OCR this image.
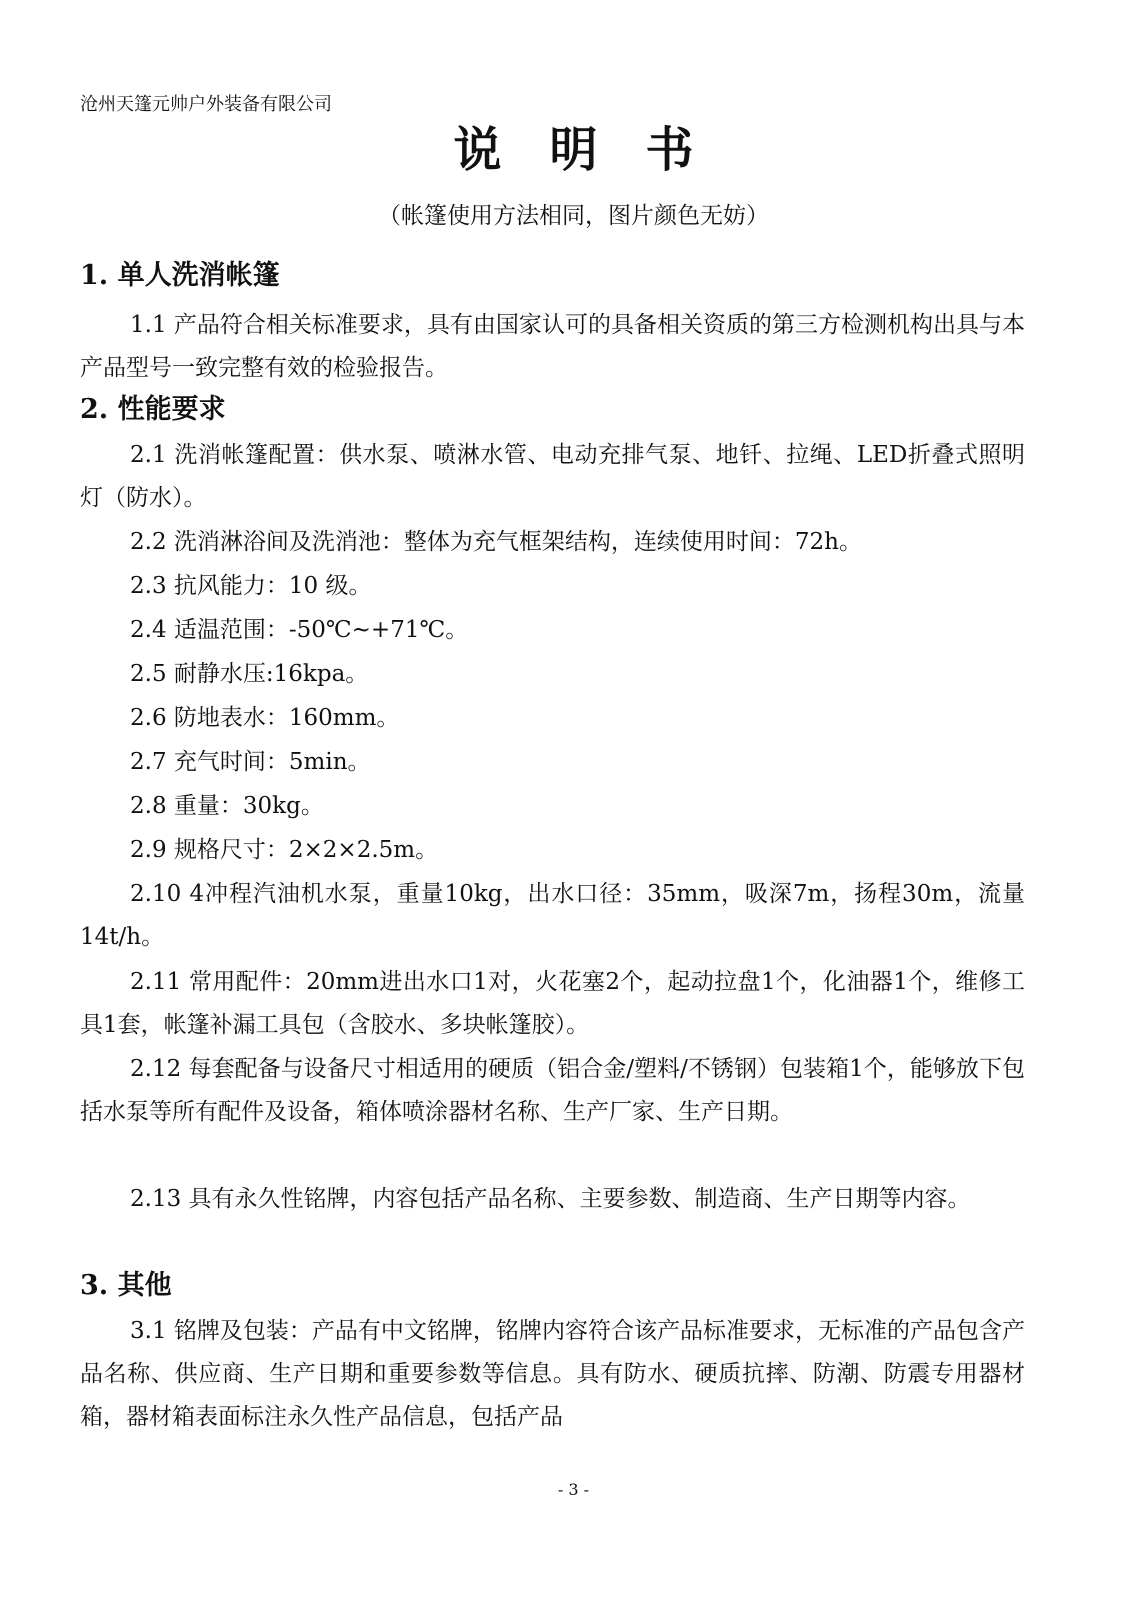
沧州天篷元帅户外装备有限公司
说明书
（帐篷使用方法相同，图片颜色无妨）
1. 单人洗消帐篷

1.1 产品符合相关标准要求，具有由国家认可的具备相关资质的第三方检测机构出具与本产品型号一致完整有效的检验报告。

2. 性能要求

2.1 洗消帐篷配置：供水泵、喷淋水管、电动充排气泵、地钎、拉绳、LED折叠式照明灯（防水）。

2.2 洗消淋浴间及洗消池：整体为充气框架结构，连续使用时间：72h。
2.3 抗风能力：10 级。
2.4 适温范围：-50℃~+71℃。
2.5 耐静水压:16kpa。
2.6 防地表水：160mm。
2.7 充气时间：5min。
2.8 重量：30kg。
2.9 规格尺寸：2×2×2.5m。

2.10 4冲程汽油机水泵，重量10kg，出水口径：35mm，吸深7m，扬程30m，流量14t/h。

2.11 常用配件：20mm进出水口1对，火花塞2个，起动拉盘1个，化油器1个，维修工具1套，帐篷补漏工具包（含胶水、多块帐篷胶）。

2.12 每套配备与设备尺寸相适用的硬质（铝合金/塑料/不锈钢）包装箱1个，能够放下包括水泵等所有配件及设备，箱体喷涂器材名称、生产厂家、生产日期。

2.13 具有永久性铭牌，内容包括产品名称、主要参数、制造商、生产日期等内容。

3. 其他

3.1 铭牌及包装：产品有中文铭牌，铭牌内容符合该产品标准要求，无标准的产品包含产品名称、供应商、生产日期和重要参数等信息。具有防水、硬质抗摔、防潮、防震专用器材箱，器材箱表面标注永久性产品信息，包括产品

- 3 -
